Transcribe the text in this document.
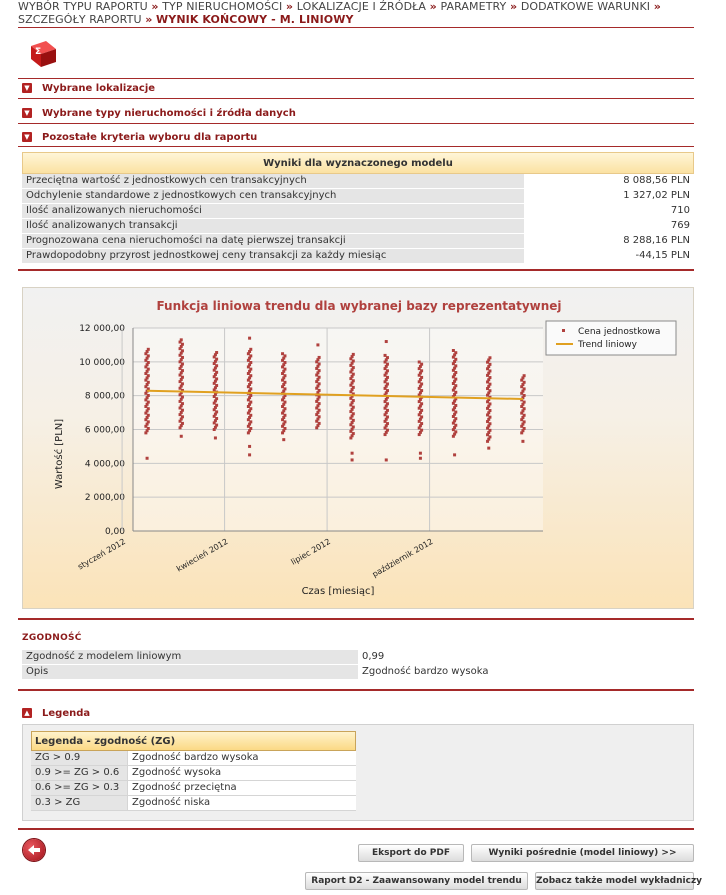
WYBÓR TYPU RAPORTU » TYP NIERUCHOMOŚCI » LOKALIZACJE I ŹRÓDŁA » PARAMETRY » DODATKOWE WARUNKI » SZCZEGÓŁY RAPORTU » WYNIK KOŃCOWY - M. LINIOWY
Σ
▼ Wybrane lokalizacje
▼ Wybrane typy nieruchomości i źródła danych
▼ Pozostałe kryteria wyboru dla raportu
Wyniki dla wyznaczonego modelu
Przeciętna wartość z jednostkowych cen transakcyjnych	8 088,56 PLN
Odchylenie standardowe z jednostkowych cen transakcyjnych	1 327,02 PLN
Ilość analizowanych nieruchomości	710
Ilość analizowanych transakcji	769
Prognozowana cena nieruchomości na datę pierwszej transakcji	8 288,16 PLN
Prawdopodobny przyrost jednostkowej ceny transakcji za każdy miesiąc	-44,15 PLN
Funkcja liniowa trendu dla wybranej bazy reprezentatywnej
0,00
2 000,00
4 000,00
6 000,00
8 000,00
10 000,00
12 000,00
styczeń 2012	kwiecień 2012	lipiec 2012	październik 2012
Czas [miesiąc]
Wartość [PLN]
Cena jednostkowa
Trend liniowy
ZGODNOŚĆ
Zgodność z modelem liniowym	0,99
Opis	Zgodność bardzo wysoka
▲ Legenda
Legenda - zgodność (ZG)
ZG > 0.9	Zgodność bardzo wysoka
0.9 >= ZG > 0.6	Zgodność wysoka
0.6 >= ZG > 0.3	Zgodność przeciętna
0.3 > ZG	Zgodność niska
Eksport do PDF	Wyniki pośrednie (model liniowy) >>
Raport D2 - Zaawansowany model trendu	Zobacz także model wykładniczy
